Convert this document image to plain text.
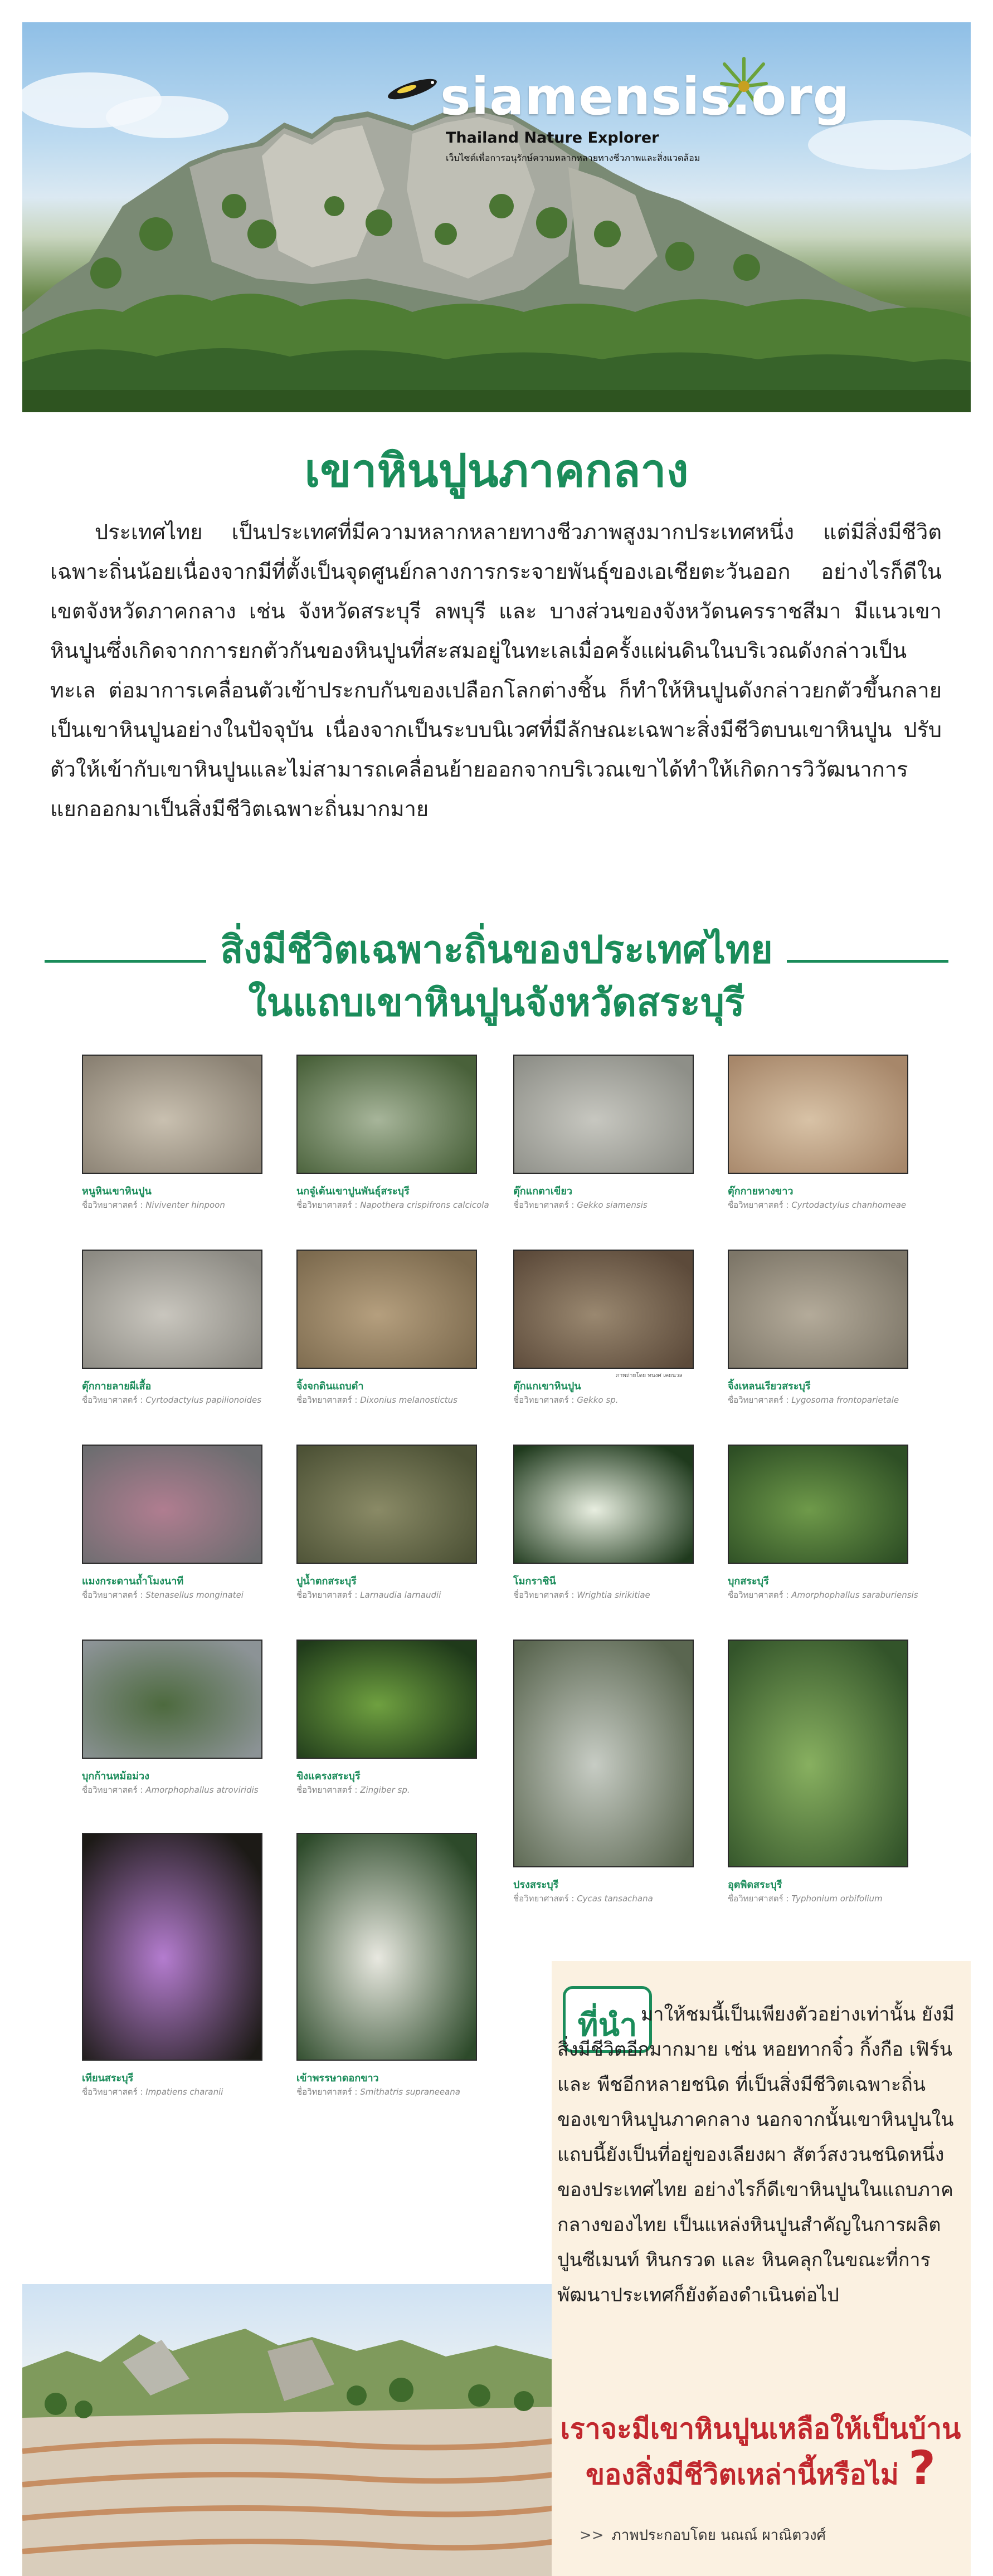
siamensis.org
Thailand Nature Explorer
เว็บไซต์เพื่อการอนุรักษ์ความหลากหลายทางชีวภาพและสิ่งแวดล้อม
เขาหินปูนภาคกลาง
ประเทศไทย เป็นประเทศที่มีความหลากหลายทางชีวภาพสูงมากประเทศหนึ่ง แต่มีสิ่งมีชีวิตเฉพาะถิ่นน้อยเนื่องจากมีที่ตั้งเป็นจุดศูนย์กลางการกระจายพันธุ์ของเอเชียตะวันออก อย่างไรก็ดีในเขตจังหวัดภาคกลาง เช่น จังหวัดสระบุรี ลพบุรี และ บางส่วนของจังหวัดนครราชสีมา มีแนวเขาหินปูนซึ่งเกิดจากการยกตัวกันของหินปูนที่สะสมอยู่ในทะเลเมื่อครั้งแผ่นดินในบริเวณดังกล่าวเป็นทะเล ต่อมาการเคลื่อนตัวเข้าประกบกันของเปลือกโลกต่างชิ้น ก็ทำให้หินปูนดังกล่าวยกตัวขึ้นกลายเป็นเขาหินปูนอย่างในปัจจุบัน เนื่องจากเป็นระบบนิเวศที่มีลักษณะเฉพาะสิ่งมีชีวิตบนเขาหินปูน ปรับตัวให้เข้ากับเขาหินปูนและไม่สามารถเคลื่อนย้ายออกจากบริเวณเขาได้ทำให้เกิดการวิวัฒนาการแยกออกมาเป็นสิ่งมีชีวิตเฉพาะถิ่นมากมาย
สิ่งมีชีวิตเฉพาะถิ่นของประเทศไทย
ในแถบเขาหินปูนจังหวัดสระบุรี
หนูหินเขาหินปูน
ชื่อวิทยาศาสตร์ : Niviventer hinpoon
นกจู๋เต้นเขาปูนพันธุ์สระบุรี
ชื่อวิทยาศาสตร์ : Napothera crispifrons calcicola
ตุ๊กแกตาเขียว
ชื่อวิทยาศาสตร์ : Gekko siamensis
ตุ๊กกายหางขาว
ชื่อวิทยาศาสตร์ : Cyrtodactylus chanhomeae
ตุ๊กกายลายผีเสื้อ
ชื่อวิทยาศาสตร์ : Cyrtodactylus papilionoides
จิ้งจกดินแถบดำ
ชื่อวิทยาศาสตร์ : Dixonius melanostictus
ตุ๊กแกเขาหินปูน
ชื่อวิทยาศาสตร์ : Gekko sp.
จิ้งเหลนเรียวสระบุรี
ชื่อวิทยาศาสตร์ : Lygosoma frontoparietale
แมงกระดานถ้ำโมงนาที
ชื่อวิทยาศาสตร์ : Stenasellus monginatei
ปูน้ำตกสระบุรี
ชื่อวิทยาศาสตร์ : Larnaudia larnaudii
โมกราชินี
ชื่อวิทยาศาสตร์ : Wrightia sirikitiae
บุกสระบุรี
ชื่อวิทยาศาสตร์ : Amorphophallus saraburiensis
บุกก้านหม้อม่วง
ชื่อวิทยาศาสตร์ : Amorphophallus atroviridis
ขิงแครงสระบุรี
ชื่อวิทยาศาสตร์ : Zingiber sp.
ปรงสระบุรี
ชื่อวิทยาศาสตร์ : Cycas tansachana
อุตพิดสระบุรี
ชื่อวิทยาศาสตร์ : Typhonium orbifolium
เทียนสระบุรี
ชื่อวิทยาศาสตร์ : Impatiens charanii
เข้าพรรษาดอกขาว
ชื่อวิทยาศาสตร์ : Smithatris supraneeana
ภาพถ่ายโดย ทนงศ เคยนวล
ที่นำ มาให้ชมนี้เป็นเพียงตัวอย่างเท่านั้น ยังมีสิ่งมีชีวิตอีกมากมาย เช่น หอยทากจิ๋ว กิ้งกือ เฟิร์น และ พืชอีกหลายชนิด ที่เป็นสิ่งมีชีวิตเฉพาะถิ่นของเขาหินปูนภาคกลาง นอกจากนั้นเขาหินปูนในแถบนี้ยังเป็นที่อยู่ของเลียงผา สัตว์สงวนชนิดหนึ่งของประเทศไทย อย่างไรก็ดีเขาหินปูนในแถบภาคกลางของไทย เป็นแหล่งหินปูนสำคัญในการผลิตปูนซีเมนท์ หินกรวด และ หินคลุกในขณะที่การพัฒนาประเทศก็ยังต้องดำเนินต่อไป
เราจะมีเขาหินปูนเหลือให้เป็นบ้าน
ของสิ่งมีชีวิตเหล่านี้หรือไม่ ?
>> ภาพประกอบโดย นณณ์ ผาณิตวงศ์
